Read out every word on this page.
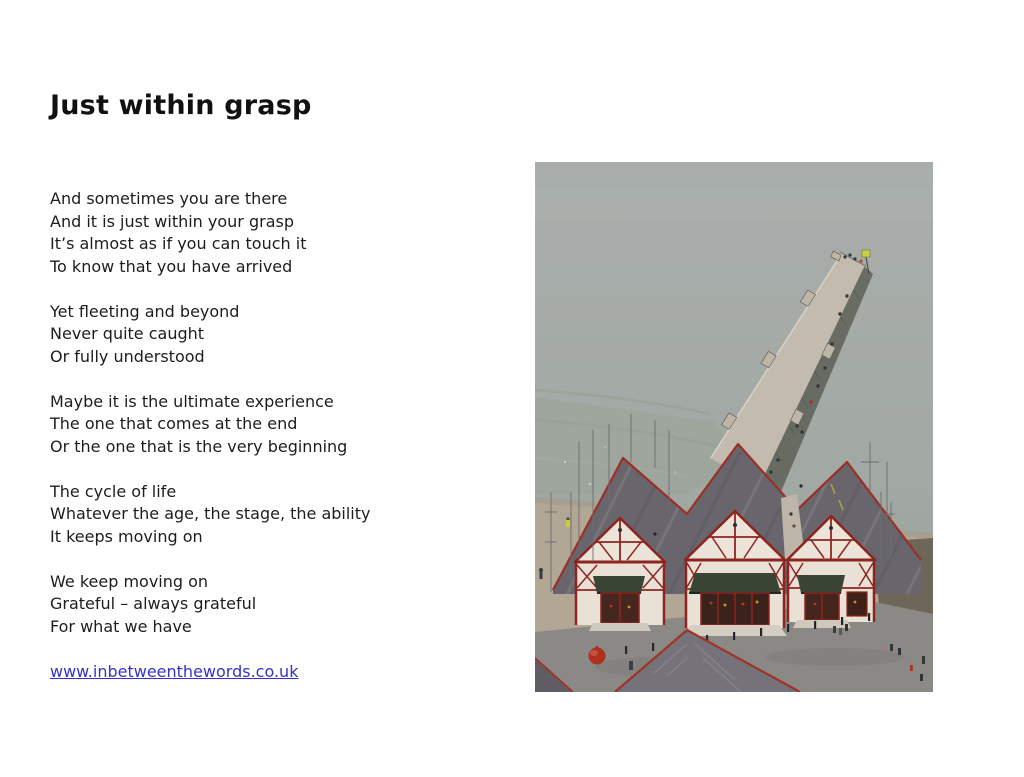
Just within grasp
And sometimes you are there
And it is just within your grasp
It’s almost as if you can touch it
To know that you have arrived
Yet fleeting and beyond
Never quite caught
Or fully understood
Maybe it is the ultimate experience
The one that comes at the end
Or the one that is the very beginning
The cycle of life
Whatever the age, the stage, the ability
It keeps moving on
We keep moving on
Grateful – always grateful
For what we have
www.inbetweenthewords.co.uk
